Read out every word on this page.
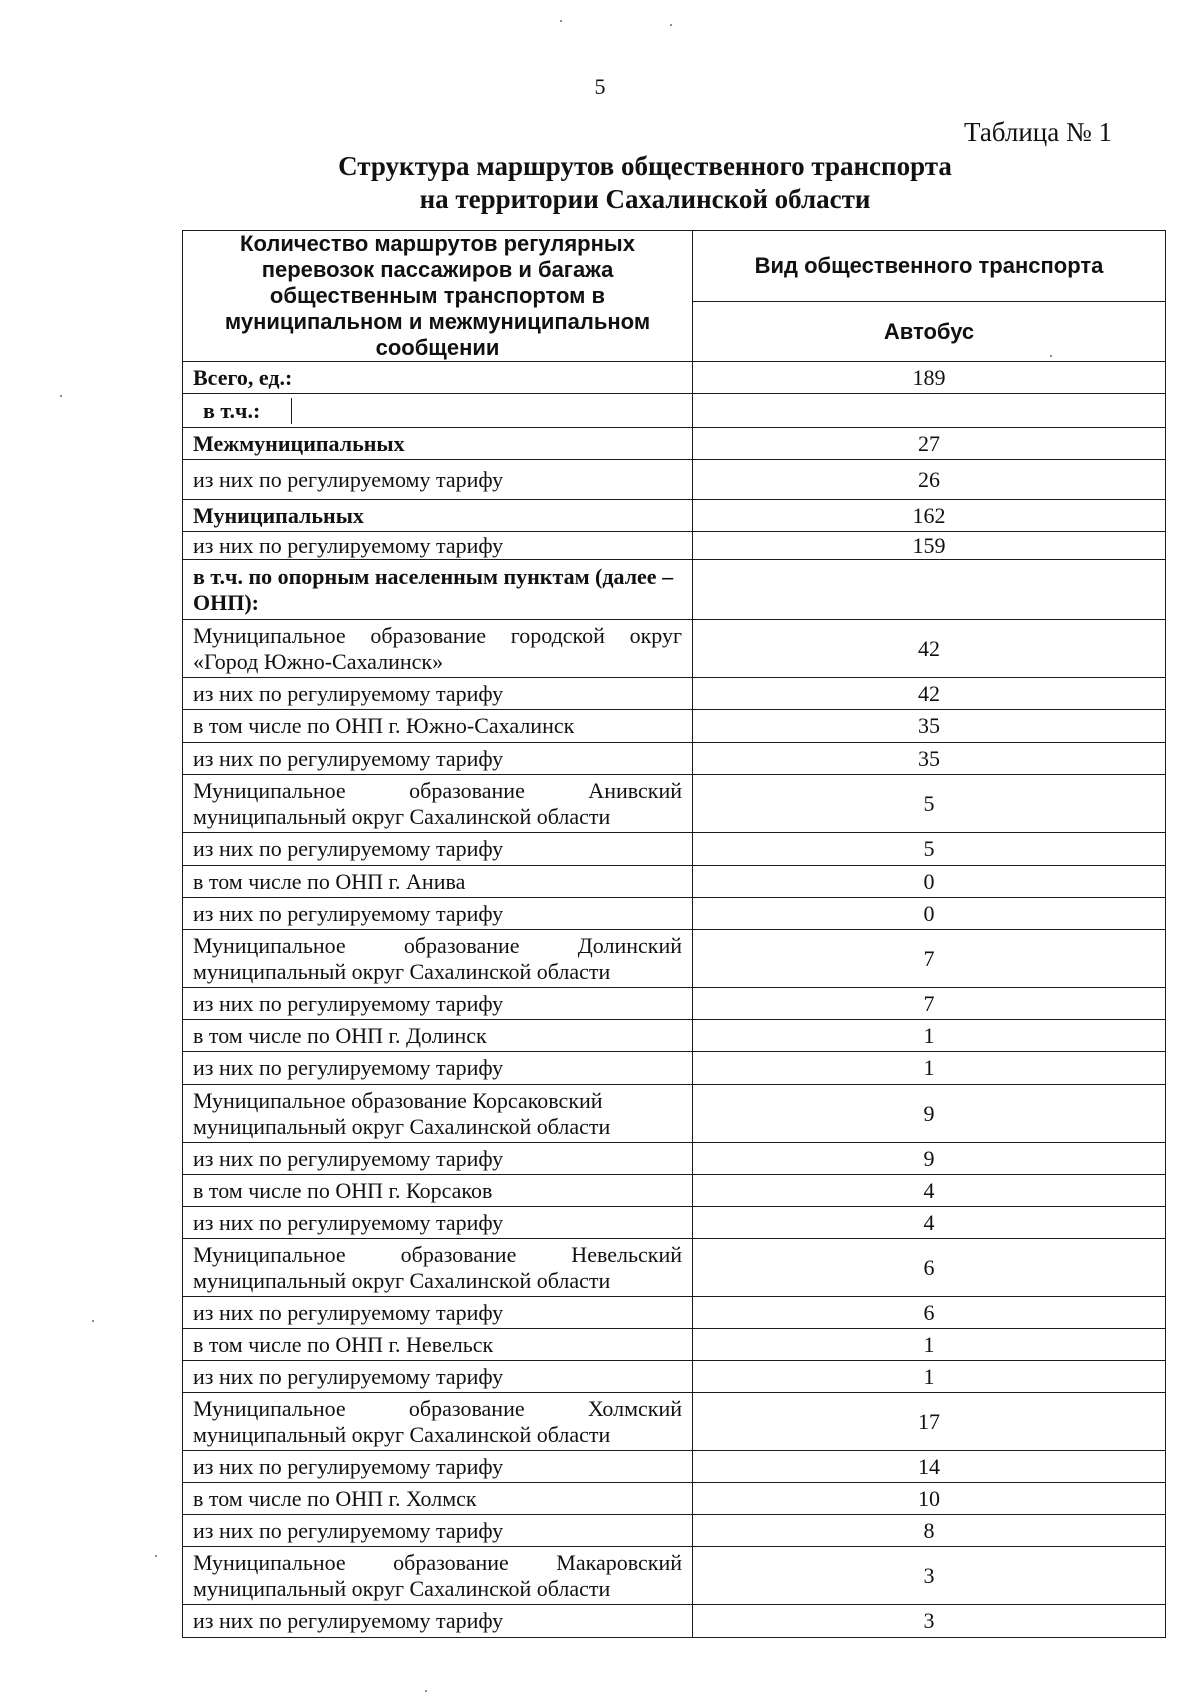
5
Таблица № 1
Структура маршрутов общественного транспорта
на территории Сахалинской области
Количество маршрутов регулярных перевозок пассажиров и багажа общественным транспортом в муниципальном и межмуниципальном сообщении	Вид общественного транспорта
	Автобус
Всего, ед.:	189

в т.ч.:	

Межмуниципальных	27
из них по регулируемому тарифу	26
Муниципальных	162
из них по регулируемому тарифу	159
в т.ч. по опорным населенным пунктам (далее – ОНП):	
Муниципальное образование городской округ «Город Южно-Сахалинск»	42
из них по регулируемому тарифу	42
в том числе по ОНП г. Южно-Сахалинск	35
из них по регулируемому тарифу	35
Муниципальное образование Анивский муниципальный округ Сахалинской области	5
из них по регулируемому тарифу	5
в том числе по ОНП г. Анива	0
из них по регулируемому тарифу	0
Муниципальное образование Долинский муниципальный округ Сахалинской области	7
из них по регулируемому тарифу	7
в том числе по ОНП г. Долинск	1
из них по регулируемому тарифу	1
Муниципальное образование Корсаковский муниципальный округ Сахалинской области	9
из них по регулируемому тарифу	9
в том числе по ОНП г. Корсаков	4
из них по регулируемому тарифу	4
Муниципальное образование Невельский муниципальный округ Сахалинской области	6
из них по регулируемому тарифу	6
в том числе по ОНП г. Невельск	1
из них по регулируемому тарифу	1
Муниципальное образование Холмский муниципальный округ Сахалинской области	17
из них по регулируемому тарифу	14
в том числе по ОНП г. Холмск	10
из них по регулируемому тарифу	8
Муниципальное образование Макаровский муниципальный округ Сахалинской области	3
из них по регулируемому тарифу	3
